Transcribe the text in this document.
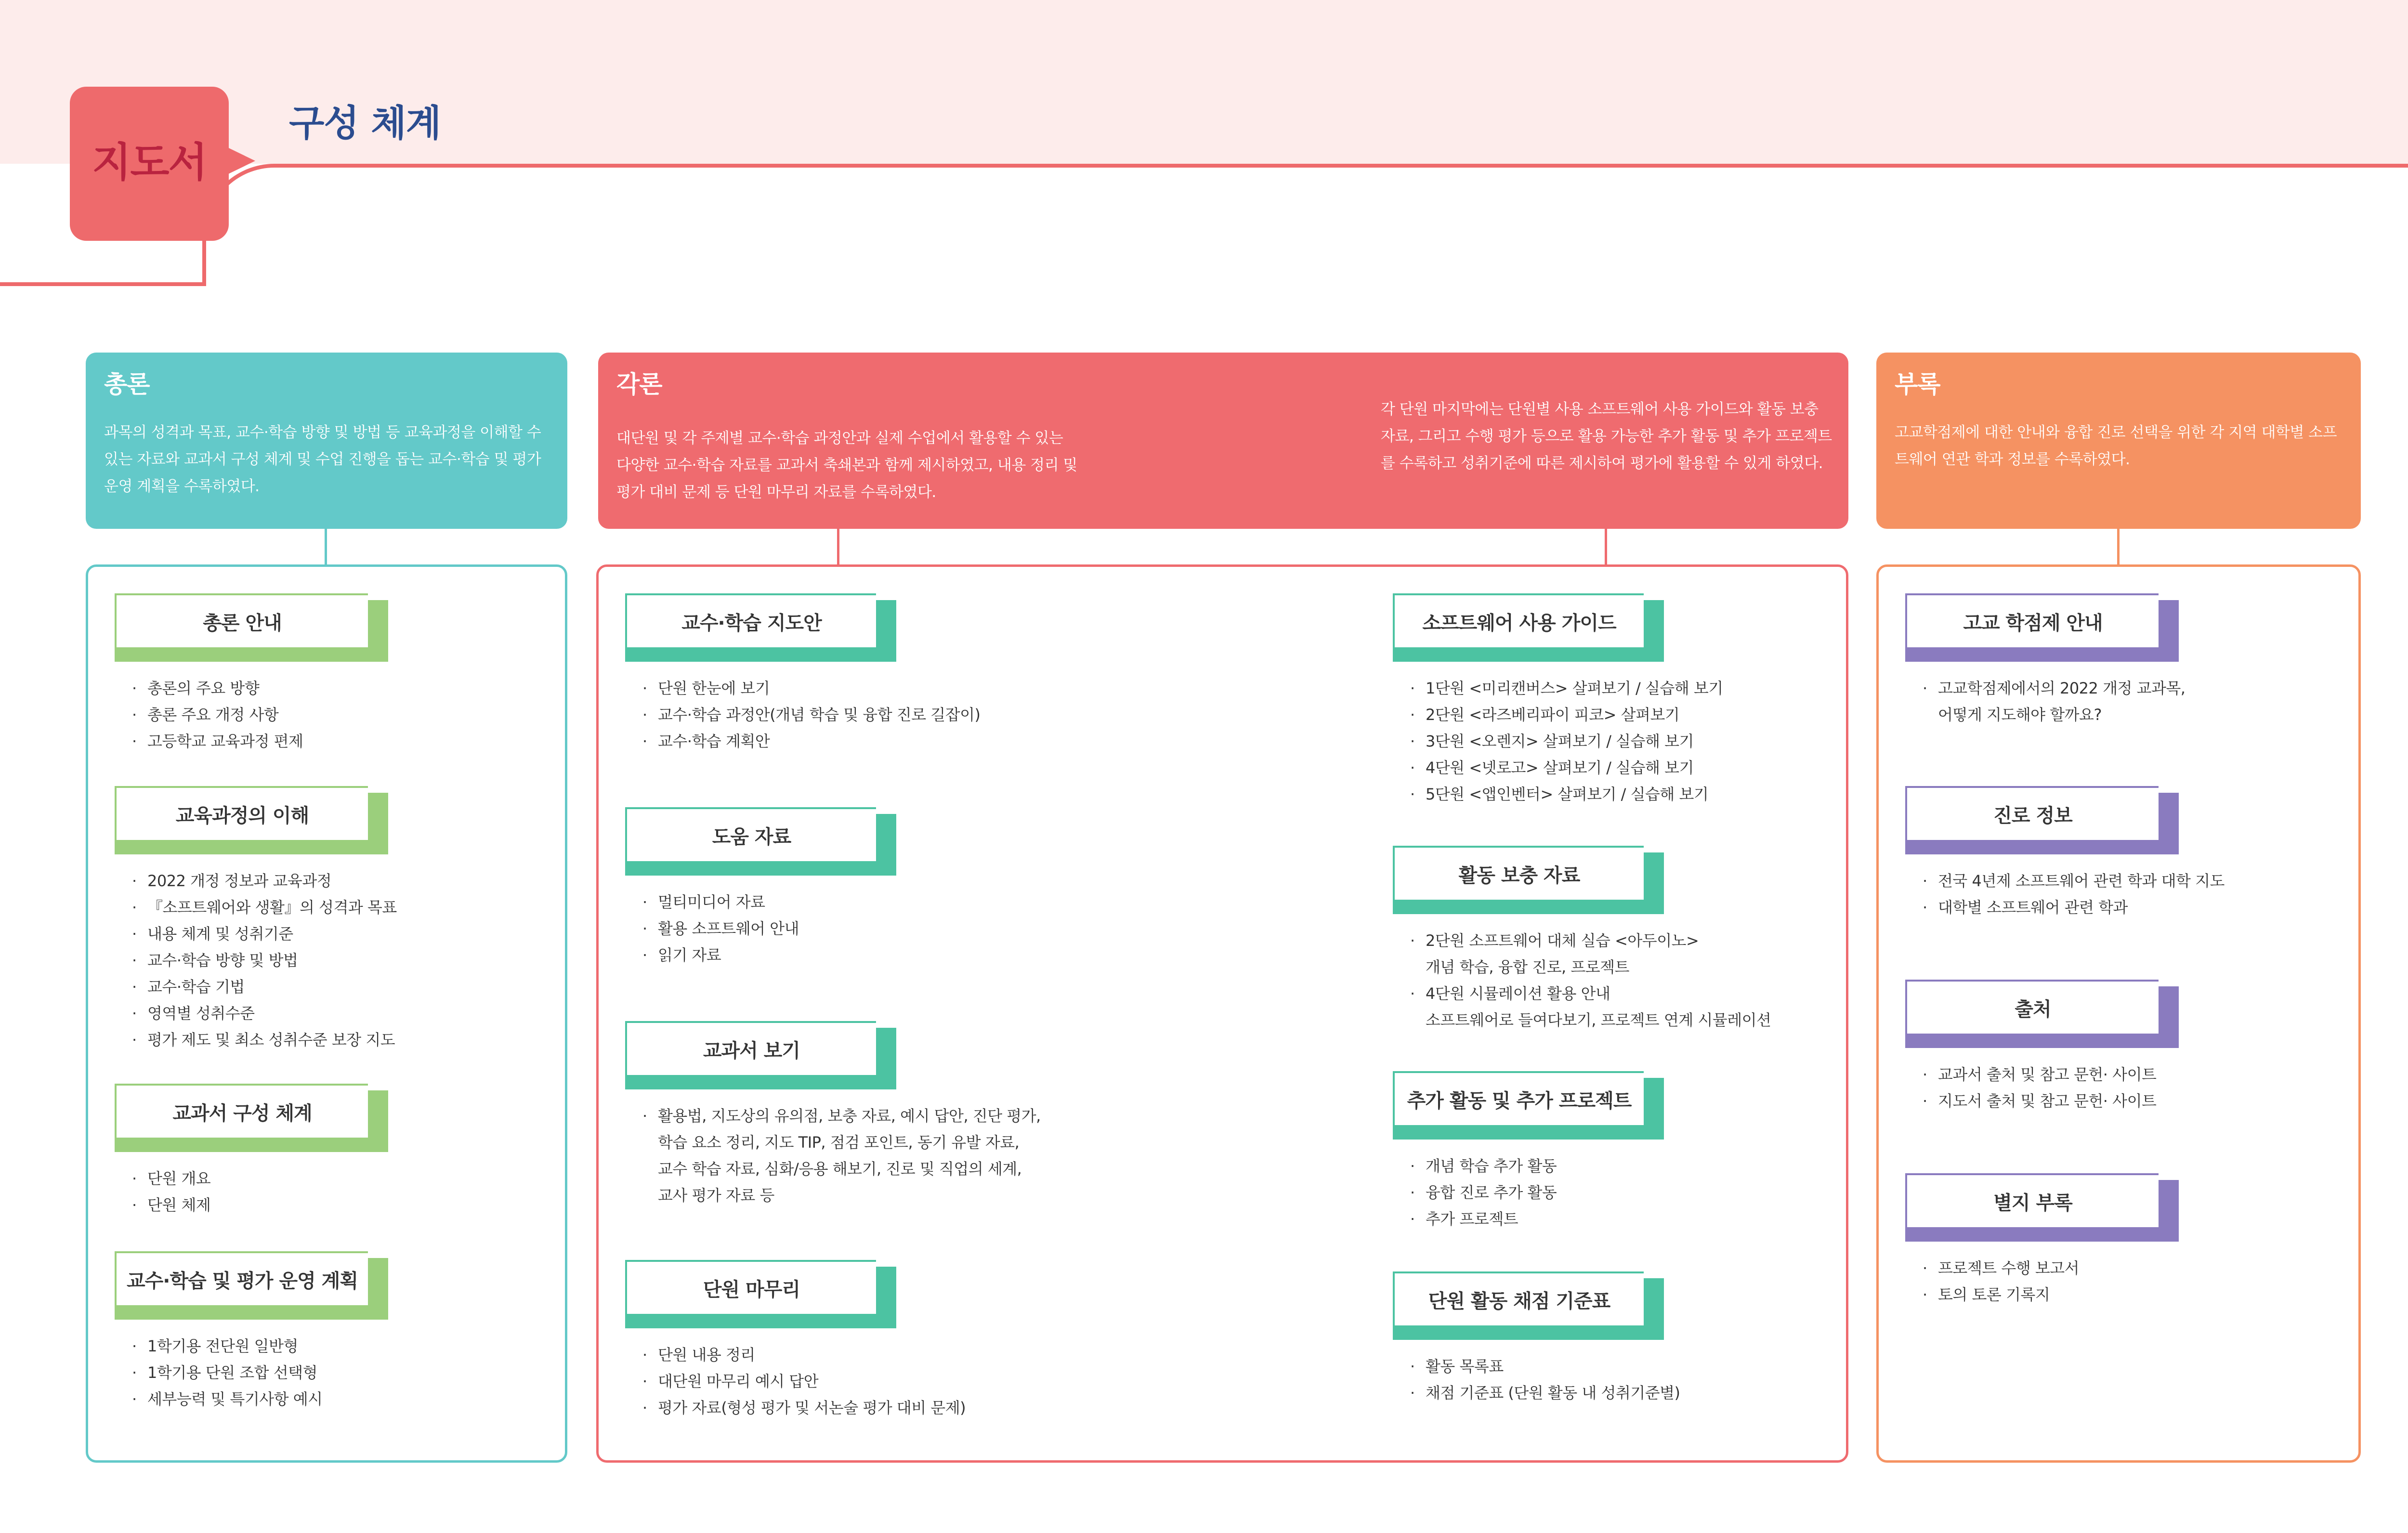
지도서
구성 체계
총론

과목의 성격과 목표, 교수·학습 방향 및 방법 등 교육과정을 이해할 수 있는 자료와 교과서 구성 체계 및 수업 진행을 돕는 교수·학습 및 평가 운영 계획을 수록하였다.

각론

대단원 및 각 주제별 교수·학습 과정안과 실제 수업에서 활용할 수 있는 다양한 교수·학습 자료를 교과서 축쇄본과 함께 제시하였고, 내용 정리 및 평가 대비 문제 등 단원 마무리 자료를 수록하였다.

각 단원 마지막에는 단원별 사용 소프트웨어 사용 가이드와 활동 보충 자료, 그리고 수행 평가 등으로 활용 가능한 추가 활동 및 추가 프로젝트를 수록하고 성취기준에 따른 제시하여 평가에 활용할 수 있게 하였다.

부록

고교학점제에 대한 안내와 융합 진로 선택을 위한 각 지역 대학별 소프트웨어 연관 학과 정보를 수록하였다.

총론 안내
· 총론의 주요 방향
· 총론 주요 개정 사항
· 고등학교 교육과정 편제
교육과정의 이해
· 2022 개정 정보과 교육과정
· 『소프트웨어와 생활』의 성격과 목표
· 내용 체계 및 성취기준
· 교수·학습 방향 및 방법
· 교수·학습 기법
· 영역별 성취수준
· 평가 제도 및 최소 성취수준 보장 지도
교과서 구성 체계
· 단원 개요
· 단원 체제
교수·학습 및 평가 운영 계획
· 1학기용 전단원 일반형
· 1학기용 단원 조합 선택형
· 세부능력 및 특기사항 예시
교수·학습 지도안
· 단원 한눈에 보기
· 교수·학습 과정안(개념 학습 및 융합 진로 길잡이)
· 교수·학습 계획안
도움 자료
· 멀티미디어 자료
· 활용 소프트웨어 안내
· 읽기 자료
교과서 보기
· 활용법, 지도상의 유의점, 보충 자료, 예시 답안, 진단 평가,
학습 요소 정리, 지도 TIP, 점검 포인트, 동기 유발 자료,
교수 학습 자료, 심화/응용 해보기, 진로 및 직업의 세계,
교사 평가 자료 등
단원 마무리
· 단원 내용 정리
· 대단원 마무리 예시 답안
· 평가 자료(형성 평가 및 서논술 평가 대비 문제)
소프트웨어 사용 가이드
· 1단원 <미리캔버스> 살펴보기 / 실습해 보기
· 2단원 <라즈베리파이 피코> 살펴보기
· 3단원 <오렌지> 살펴보기 / 실습해 보기
· 4단원 <넷로고> 살펴보기 / 실습해 보기
· 5단원 <앱인벤터> 살펴보기 / 실습해 보기
활동 보충 자료
· 2단원 소프트웨어 대체 실습 <아두이노>
개념 학습, 융합 진로, 프로젝트
· 4단원 시뮬레이션 활용 안내
소프트웨어로 들여다보기, 프로젝트 연계 시뮬레이션
추가 활동 및 추가 프로젝트
· 개념 학습 추가 활동
· 융합 진로 추가 활동
· 추가 프로젝트
단원 활동 채점 기준표
· 활동 목록표
· 채점 기준표 (단원 활동 내 성취기준별)
고교 학점제 안내
· 고교학점제에서의 2022 개정 교과목,
어떻게 지도해야 할까요?
진로 정보
· 전국 4년제 소프트웨어 관련 학과 대학 지도
· 대학별 소프트웨어 관련 학과
출처
· 교과서 출처 및 참고 문헌· 사이트
· 지도서 출처 및 참고 문헌· 사이트
별지 부록
· 프로젝트 수행 보고서
· 토의 토론 기록지
